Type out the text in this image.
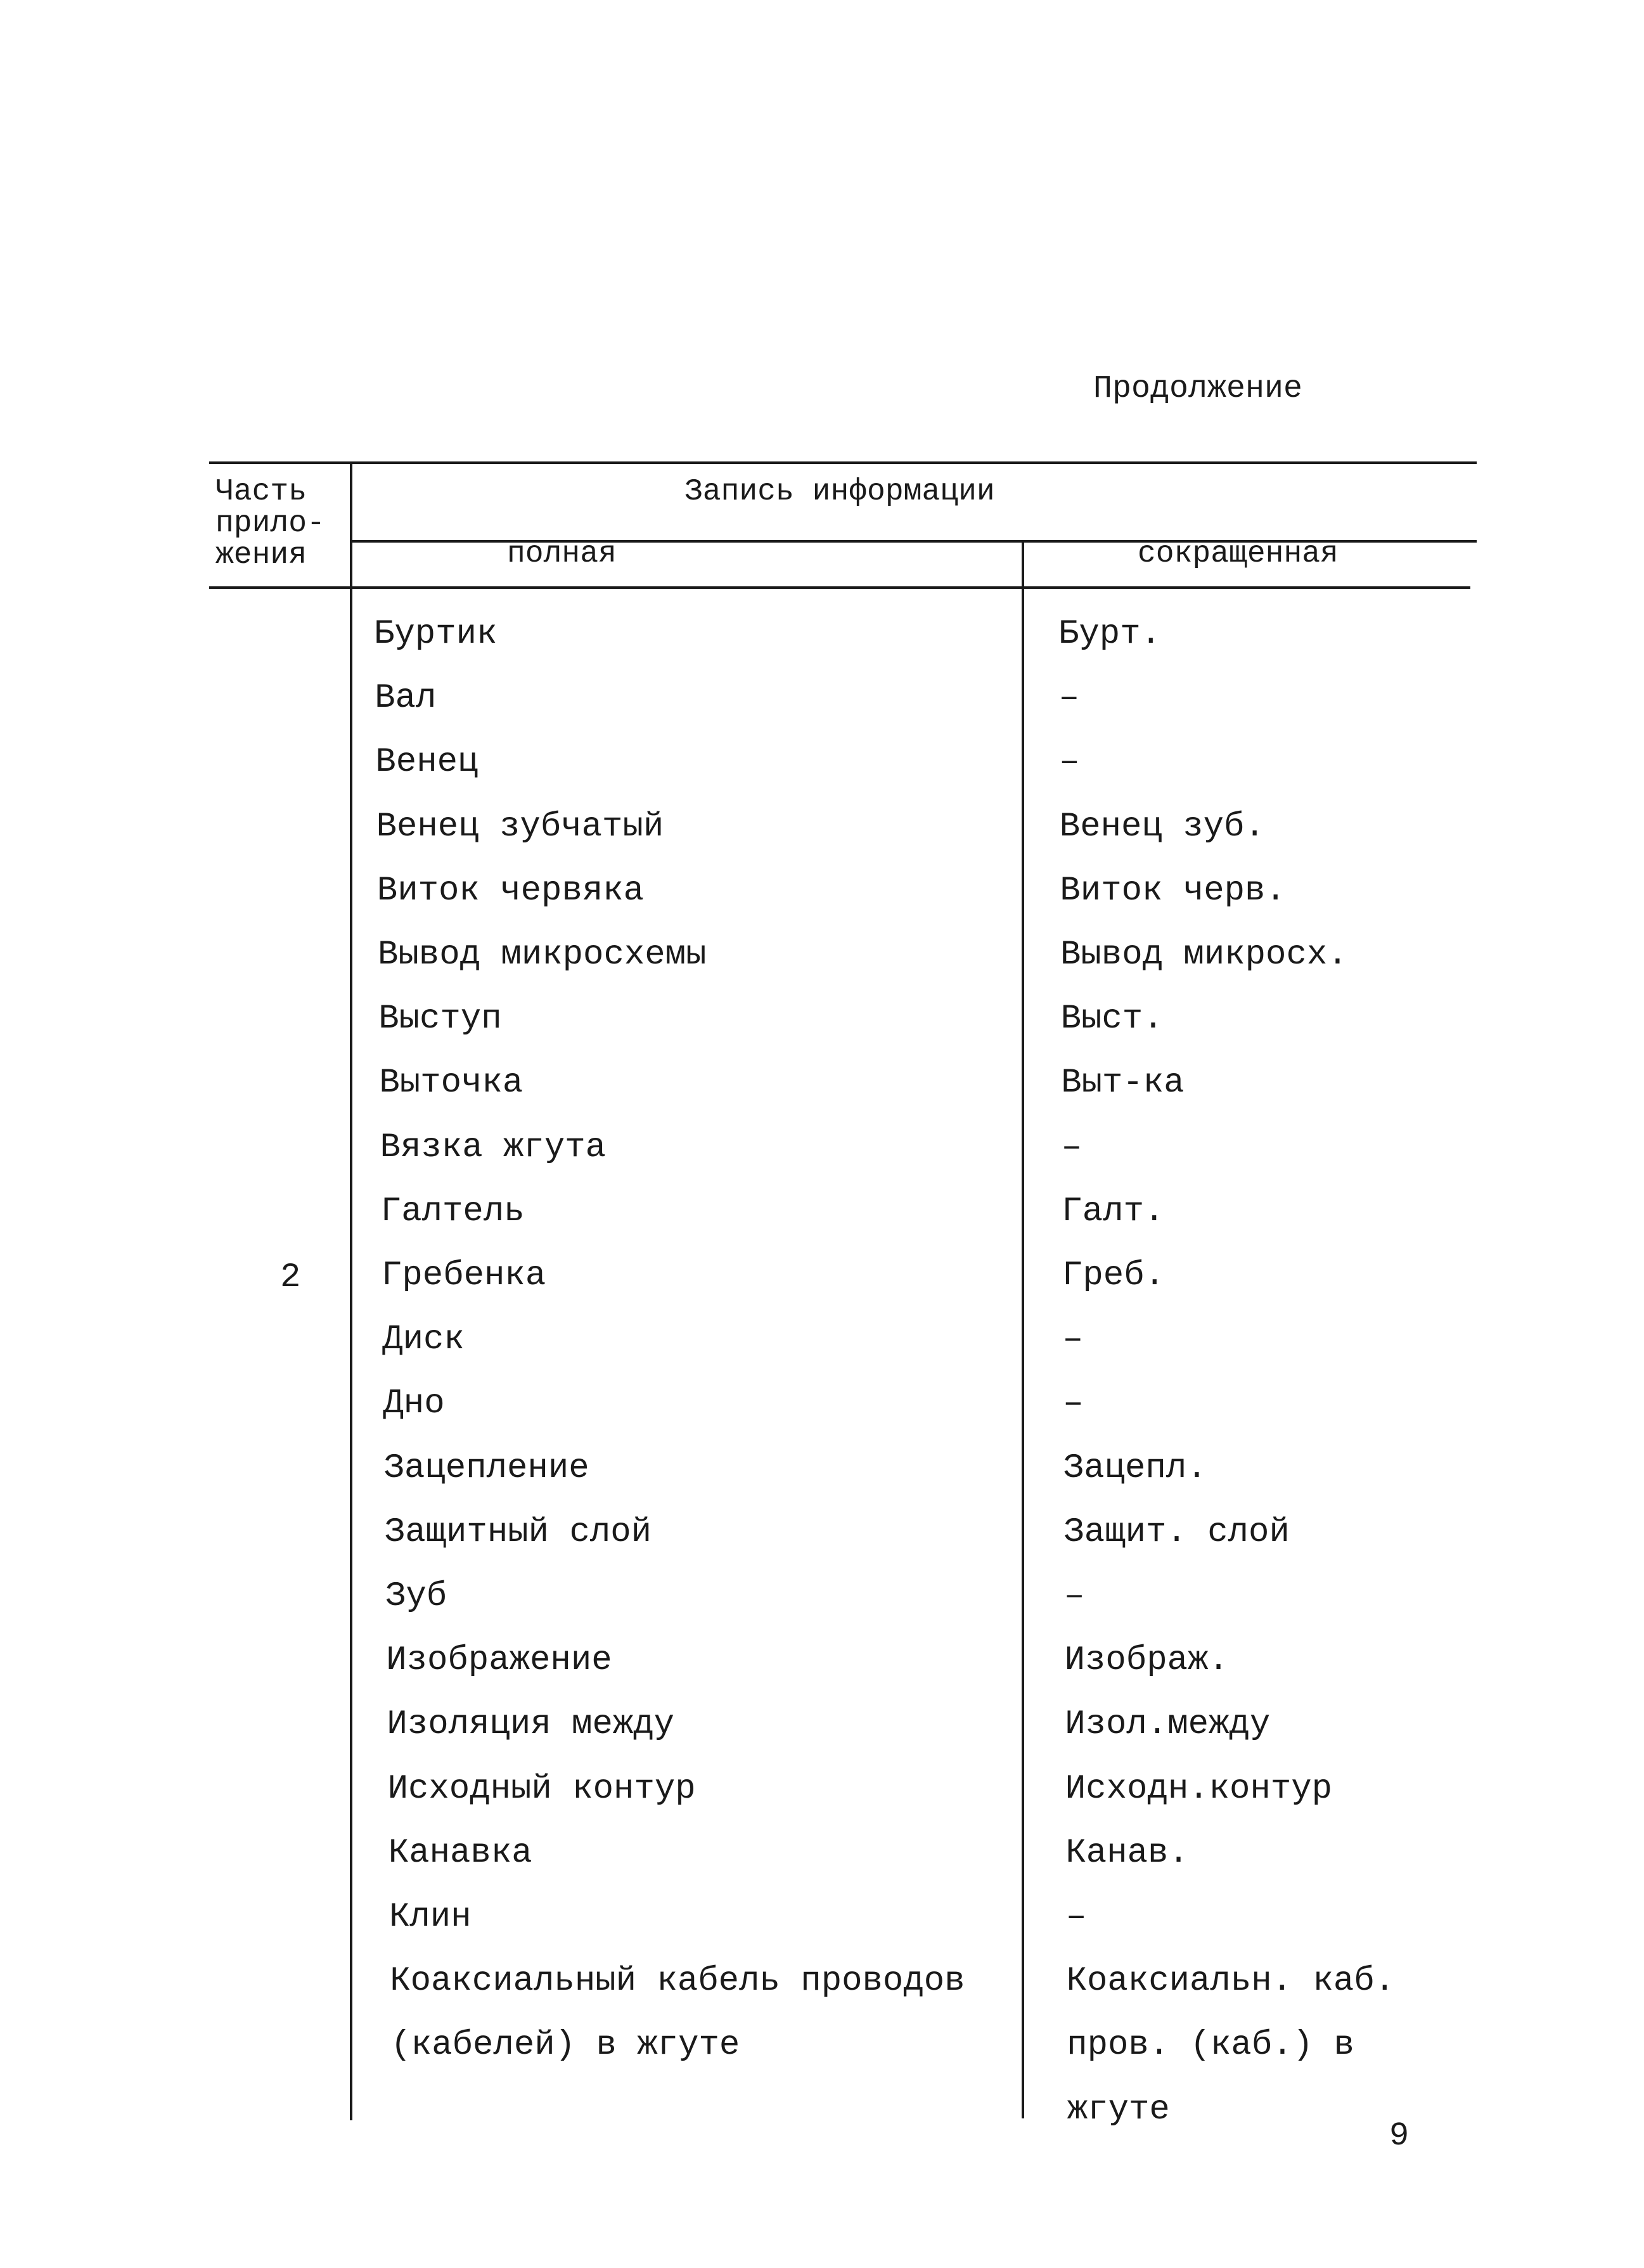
Продолжение
Часть
прило-
жения
Запись информации
полная	сокращенная
2
Буртик	Бурт.
Вал	–
Венец	–
Венец зубчатый	Венец зуб.
Виток червяка	Виток черв.
Вывод микросхемы	Вывод микросх.
Выступ	Выст.
Выточка	Выт-ка
Вязка жгута	–
Галтель	Галт.
Гребенка	Греб.
Диск	–
Дно	–
Зацепление	Зацепл.
Защитный слой	Защит. слой
Зуб	–
Изображение	Изображ.
Изоляция между	Изол.между
Исходный контур	Исходн.контур
Канавка	Канав.
Клин	–
Коаксиальный кабель проводов	Коаксиальн. каб.
(кабелей) в жгуте	пров. (каб.) в
жгуте
9
